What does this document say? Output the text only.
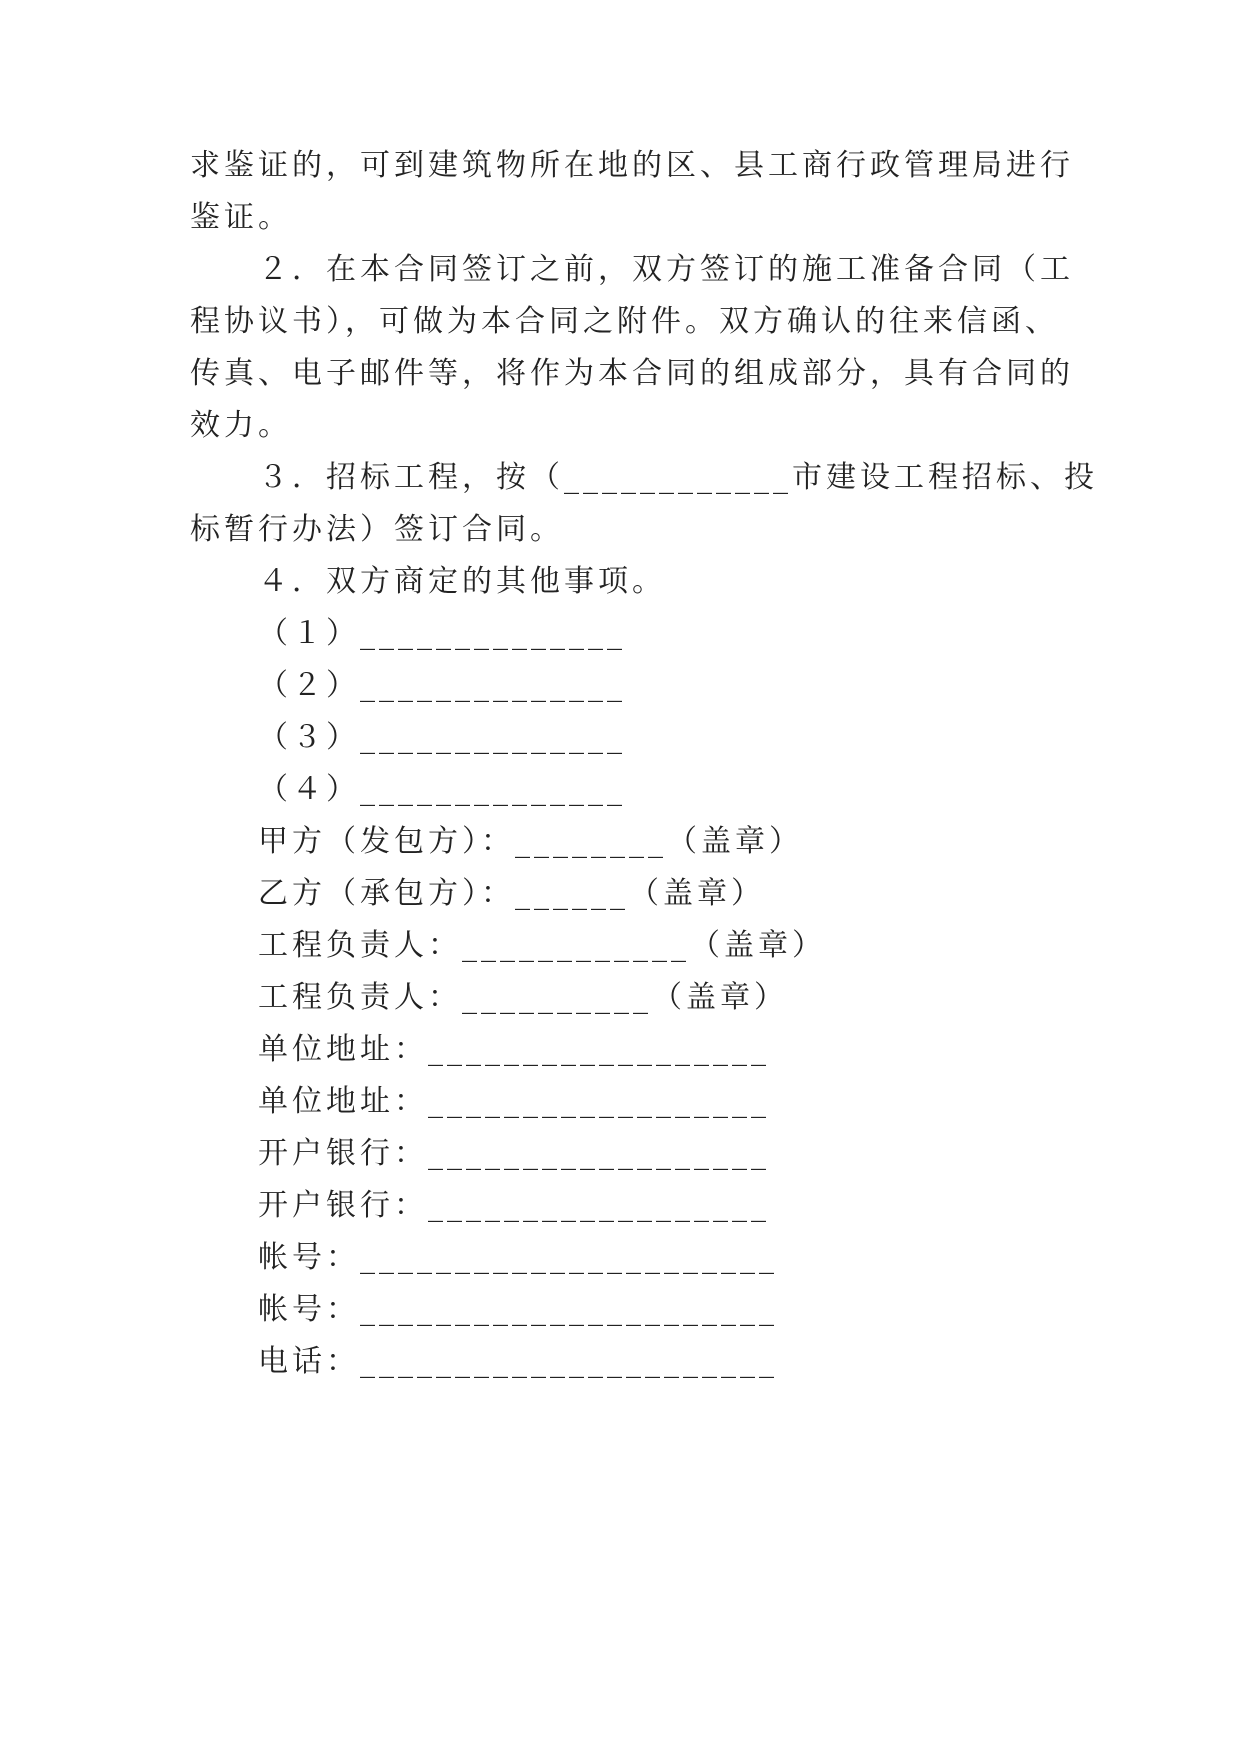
求鉴证的，可到建筑物所在地的区、县工商行政管理局进行
鉴证。
２．在本合同签订之前，双方签订的施工准备合同（工
程协议书），可做为本合同之附件。双方确认的往来信函、
传真、电子邮件等，将作为本合同的组成部分，具有合同的
效力。
３．招标工程，按（____________市建设工程招标、投
标暂行办法）签订合同。
４．双方商定的其他事项。
（１）______________
（２）______________
（３）______________
（４）______________
甲方（发包方）：________（盖章）
乙方（承包方）：______（盖章）
工程负责人：____________（盖章）
工程负责人：__________（盖章）
单位地址：__________________
单位地址：__________________
开户银行：__________________
开户银行：__________________
帐号：______________________
帐号：______________________
电话：______________________
